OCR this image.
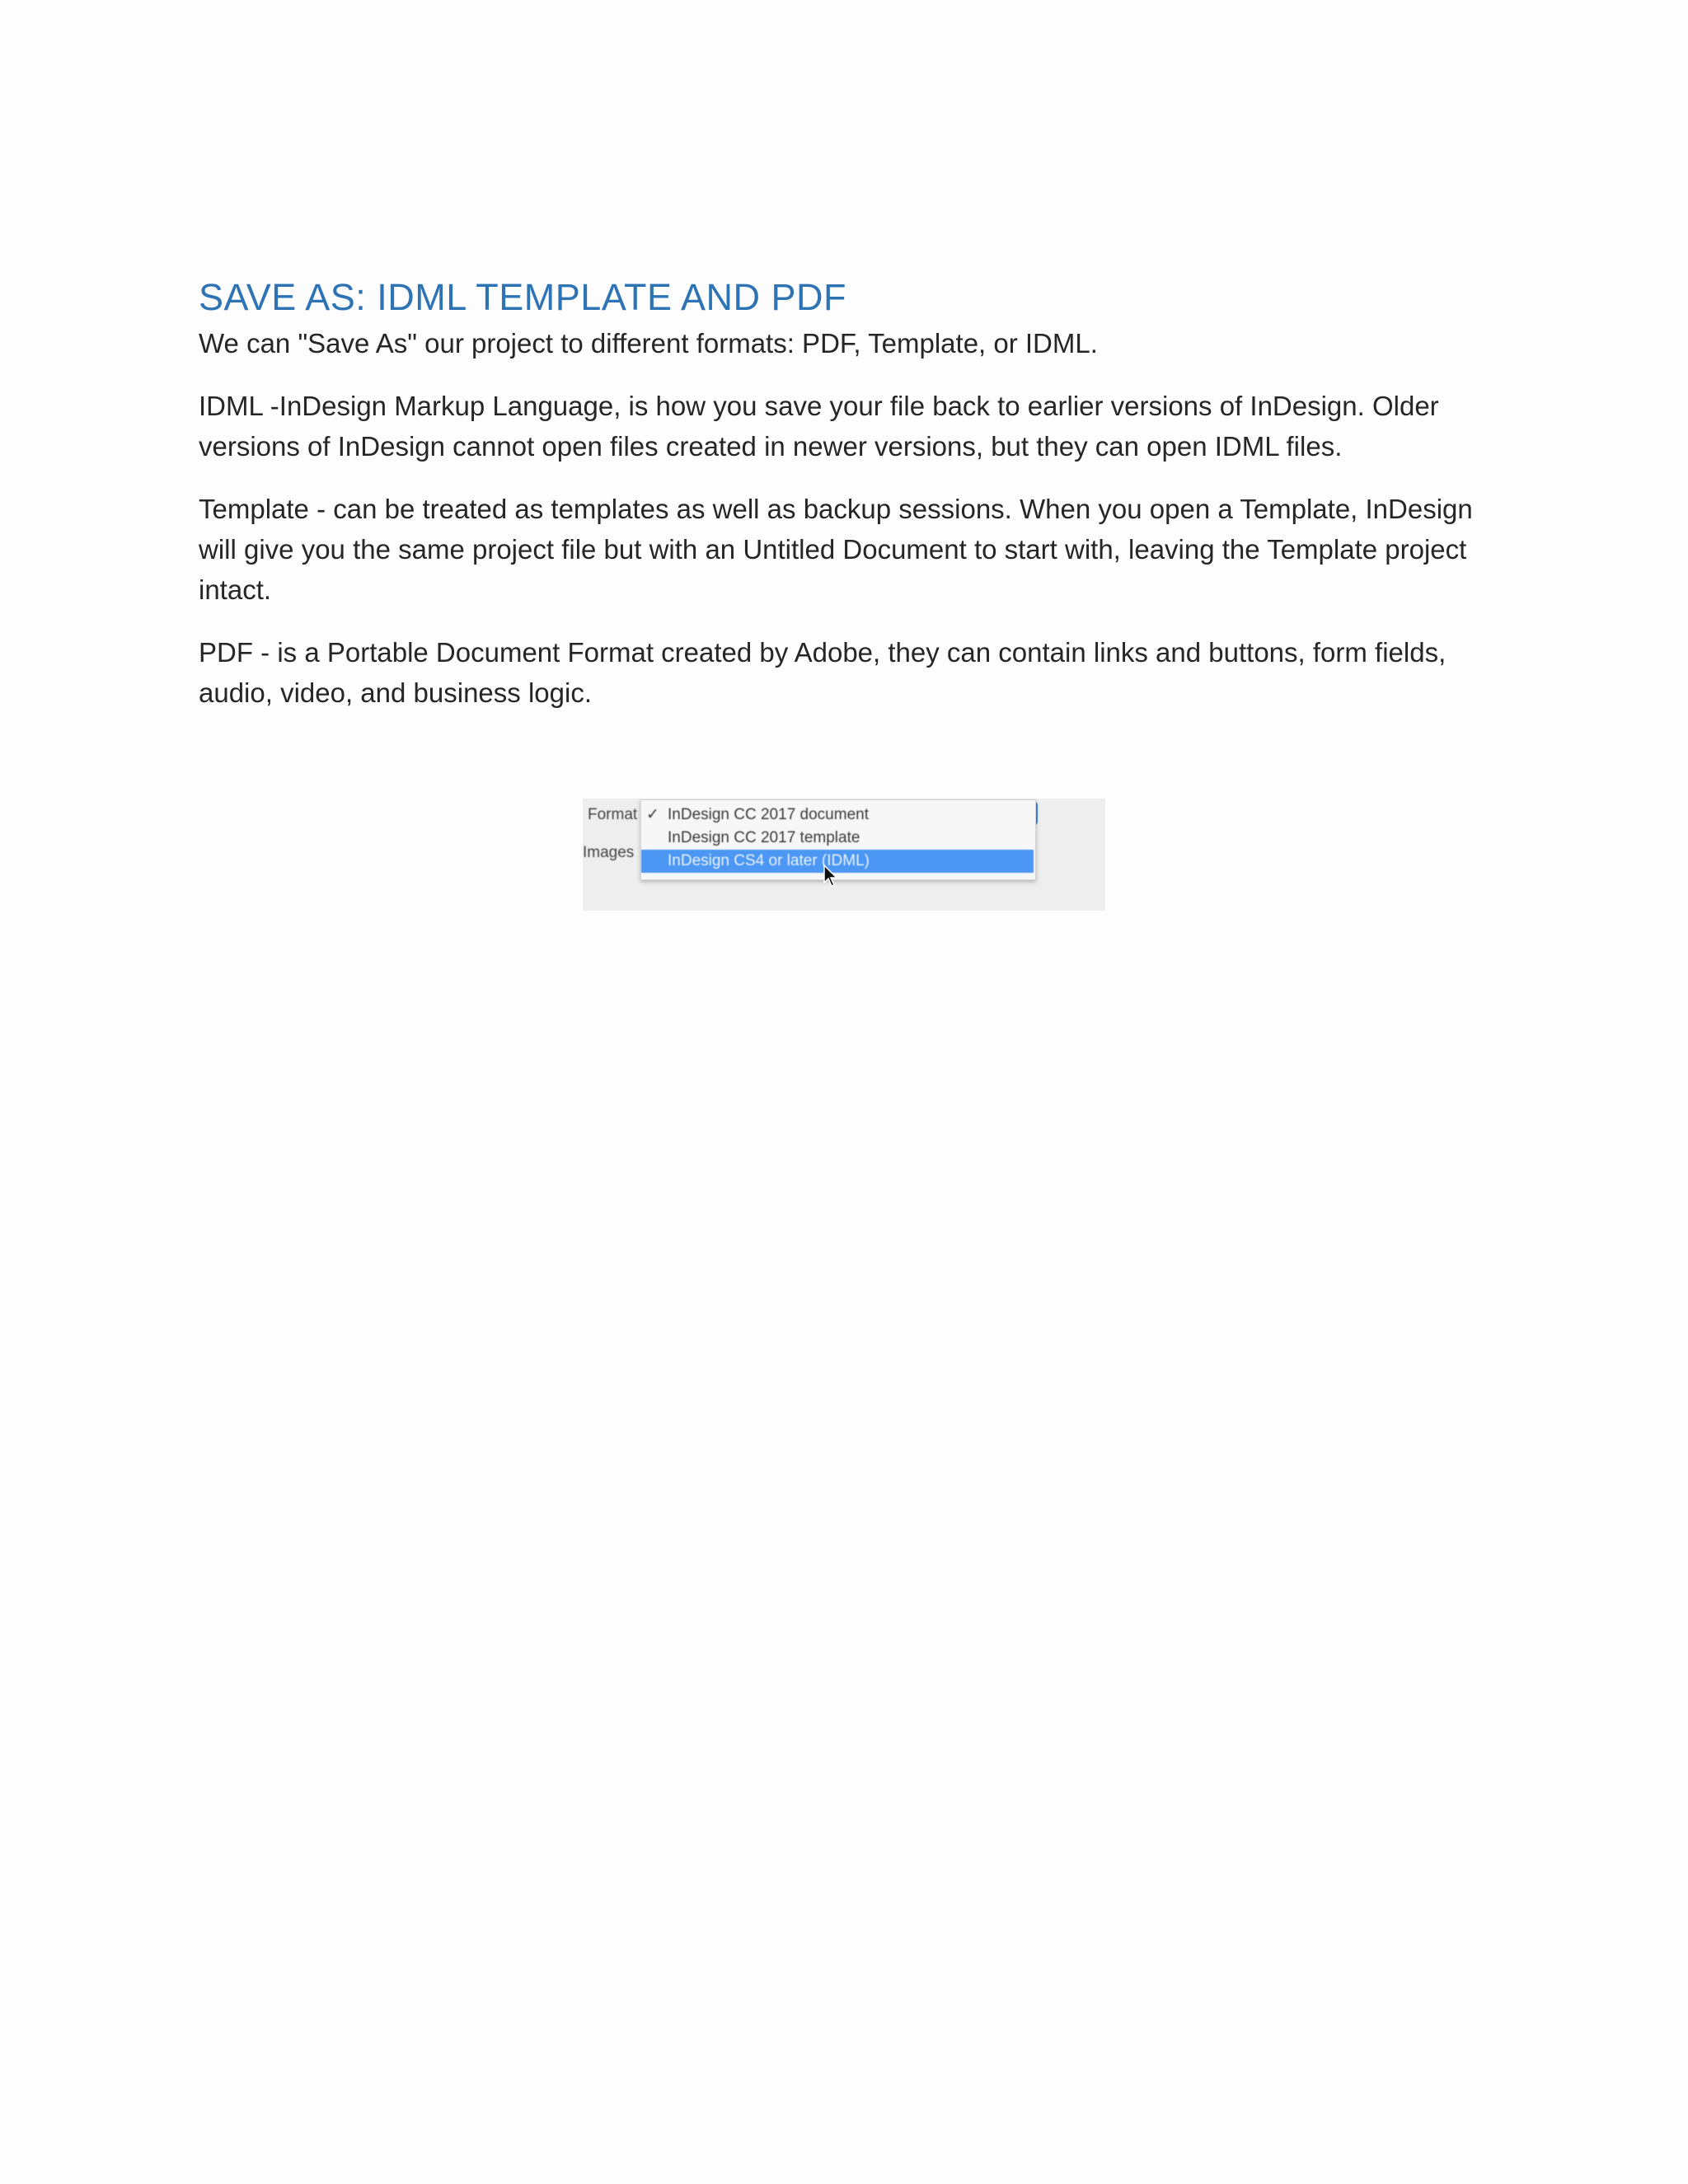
SAVE AS: IDML TEMPLATE AND PDF

We can "Save As" our project to different formats: PDF, Template, or IDML.

IDML -InDesign Markup Language, is how you save your file back to earlier versions of InDesign. Older versions of InDesign cannot open files created in newer versions, but they can open IDML files.

Template - can be treated as templates as well as backup sessions. When you open a Template, InDesign will give you the same project file but with an Untitled Document to start with, leaving the Template project intact.

PDF - is a Portable Document Format created by Adobe, they can contain links and buttons, form fields, audio, video, and business logic.

Format
Images
✓ InDesign CC 2017 document
InDesign CC 2017 template
InDesign CS4 or later (IDML)
